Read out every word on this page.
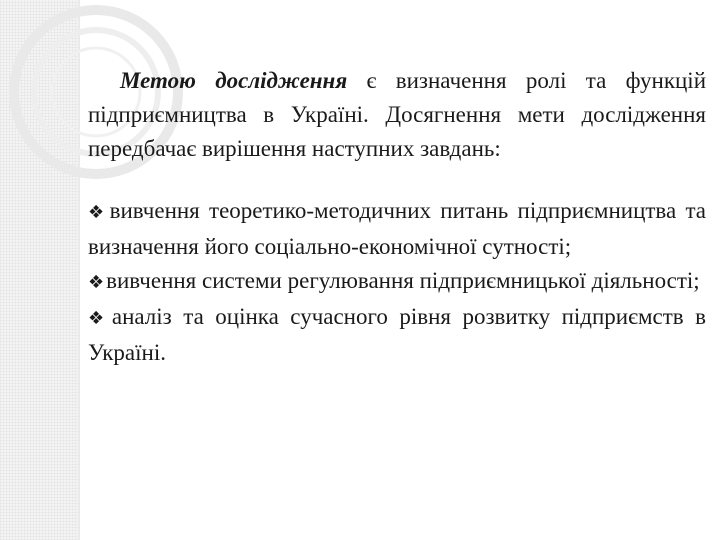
Метою дослідження є визначення ролі та функцій підприємництва в Україні. Досягнення мети дослідження передбачає вирішення наступних завдань:

❖вивчення теоретико-методичних питань підприємництва та визначення його соціально-економічної сутності;
❖вивчення системи регулювання підприємницької діяльності;
❖аналіз та оцінка сучасного рівня розвитку підприємств в Україні.
